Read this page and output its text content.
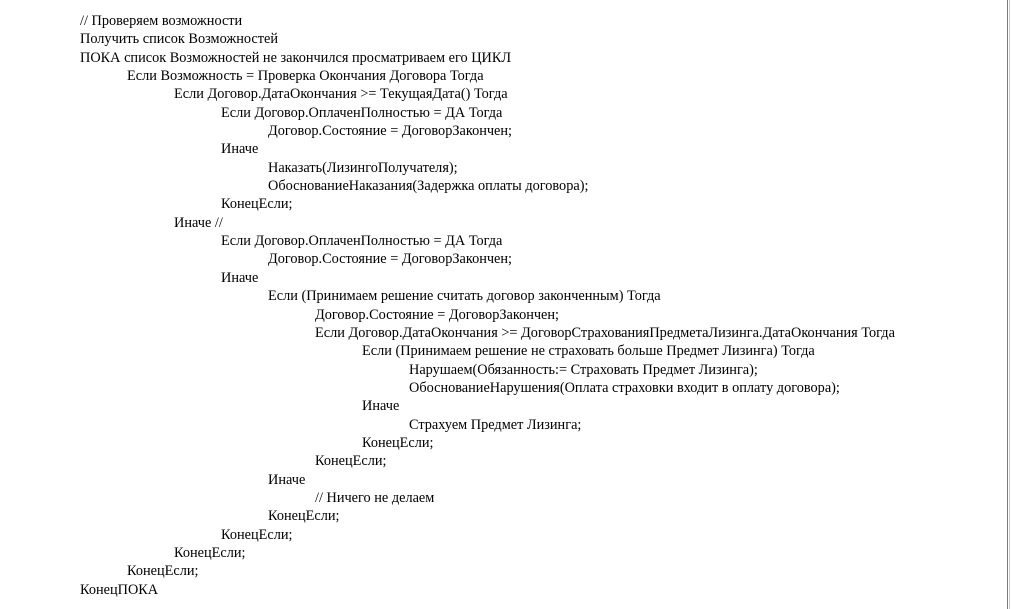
// Проверяем возможности
Получить список Возможностей
ПОКА список Возможностей не закончился просматриваем его ЦИКЛ
Если Возможность = Проверка Окончания Договора Тогда
Если Договор.ДатаОкончания >= ТекущаяДата() Тогда
Если Договор.ОплаченПолностью = ДА Тогда
Договор.Состояние = ДоговорЗакончен;
Иначе
Наказать(ЛизингоПолучателя);
ОбоснованиеНаказания(Задержка оплаты договора);
КонецЕсли;
Иначе //
Если Договор.ОплаченПолностью = ДА Тогда
Договор.Состояние = ДоговорЗакончен;
Иначе
Если (Принимаем решение считать договор законченным) Тогда
Договор.Состояние = ДоговорЗакончен;
Если Договор.ДатаОкончания >= ДоговорСтрахованияПредметаЛизинга.ДатаОкончания Тогда
Если (Принимаем решение не страховать больше Предмет Лизинга) Тогда
Нарушаем(Обязанность:= Страховать Предмет Лизинга);
ОбоснованиеНарушения(Оплата страховки входит в оплату договора);
Иначе
Страхуем Предмет Лизинга;
КонецЕсли;
КонецЕсли;
Иначе
// Ничего не делаем
КонецЕсли;
КонецЕсли;
КонецЕсли;
КонецЕсли;
КонецПОКА
